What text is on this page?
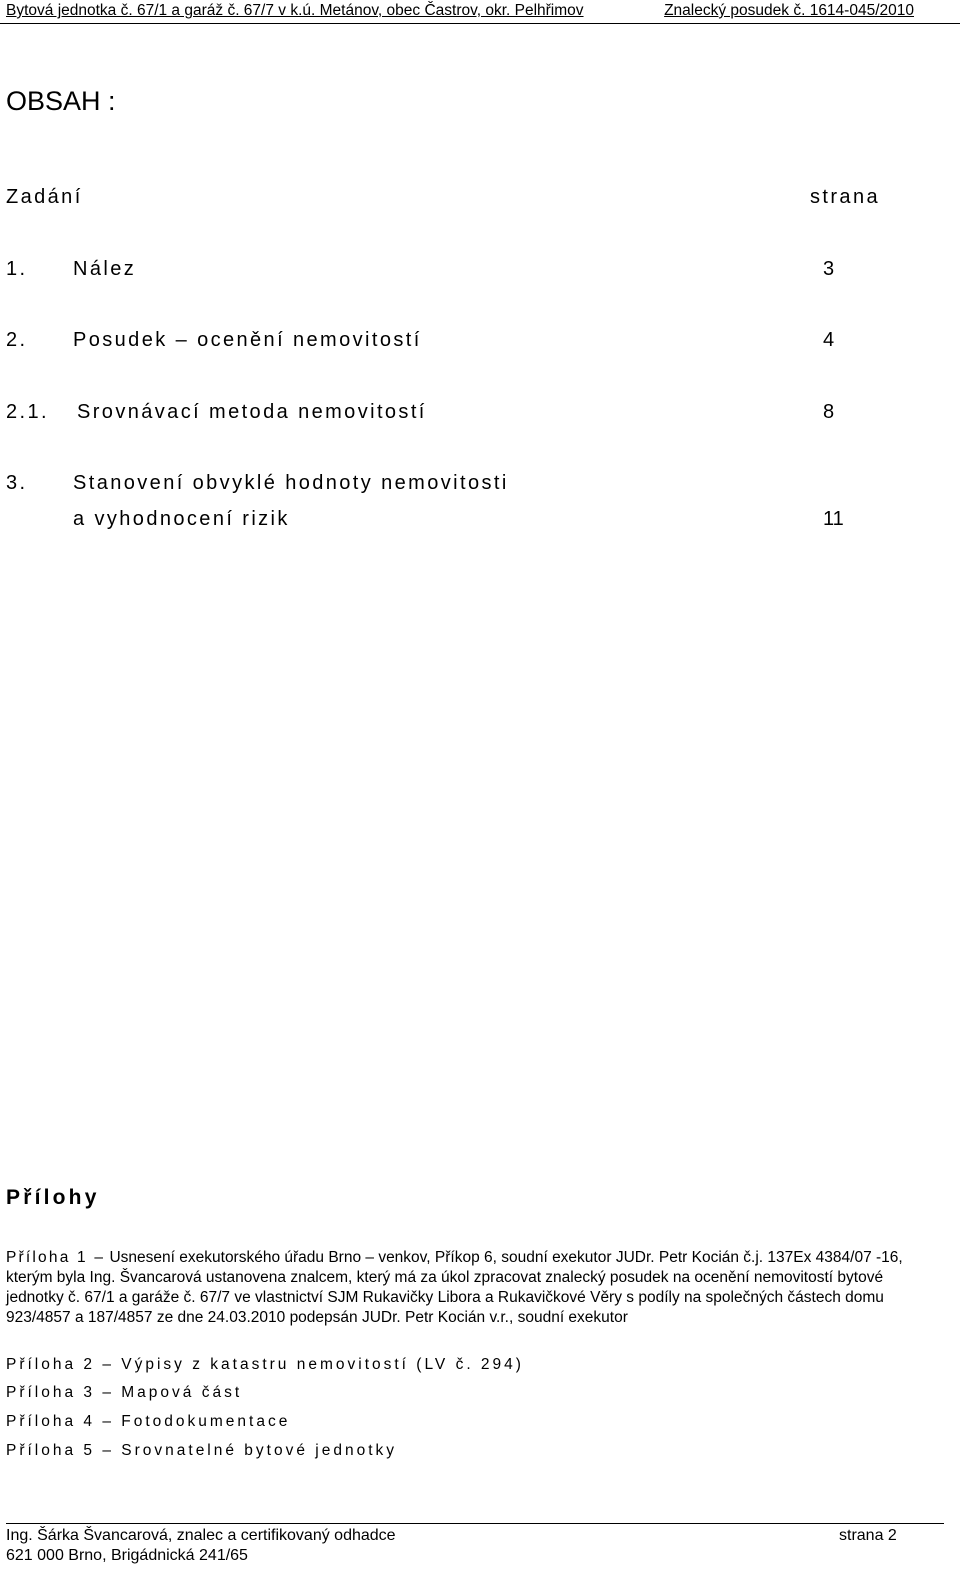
Bytová jednotka č. 67/1 a garáž č. 67/7 v k.ú. Metánov, obec Častrov, okr. Pelhřimov	Znalecký posudek č. 1614-045/2010
OBSAH :
Zadání	strana
1. Nález	3
2. Posudek – ocenění nemovitostí	4
2.1. Srovnávací metoda nemovitostí	8
3. Stanovení obvyklé hodnoty nemovitosti
a vyhodnocení rizik	11
Přílohy
Příloha 1 – Usnesení exekutorského úřadu Brno – venkov, Příkop 6, soudní exekutor JUDr. Petr Kocián č.j. 137Ex 4384/07 -16, kterým byla Ing. Švancarová ustanovena znalcem, který má za úkol zpracovat znalecký posudek na ocenění nemovitostí bytové jednotky č. 67/1 a garáže č. 67/7 ve vlastnictví SJM Rukavičky Libora a Rukavičkové Věry s podíly na společných částech domu 923/4857 a 187/4857 ze dne 24.03.2010 podepsán JUDr. Petr Kocián v.r., soudní exekutor
Příloha 2 – Výpisy z katastru nemovitostí (LV č. 294)
Příloha 3 – Mapová část
Příloha 4 – Fotodokumentace
Příloha 5 – Srovnatelné bytové jednotky
Ing. Šárka Švancarová, znalec a certifikovaný odhadce	strana 2
621 000 Brno, Brigádnická 241/65
